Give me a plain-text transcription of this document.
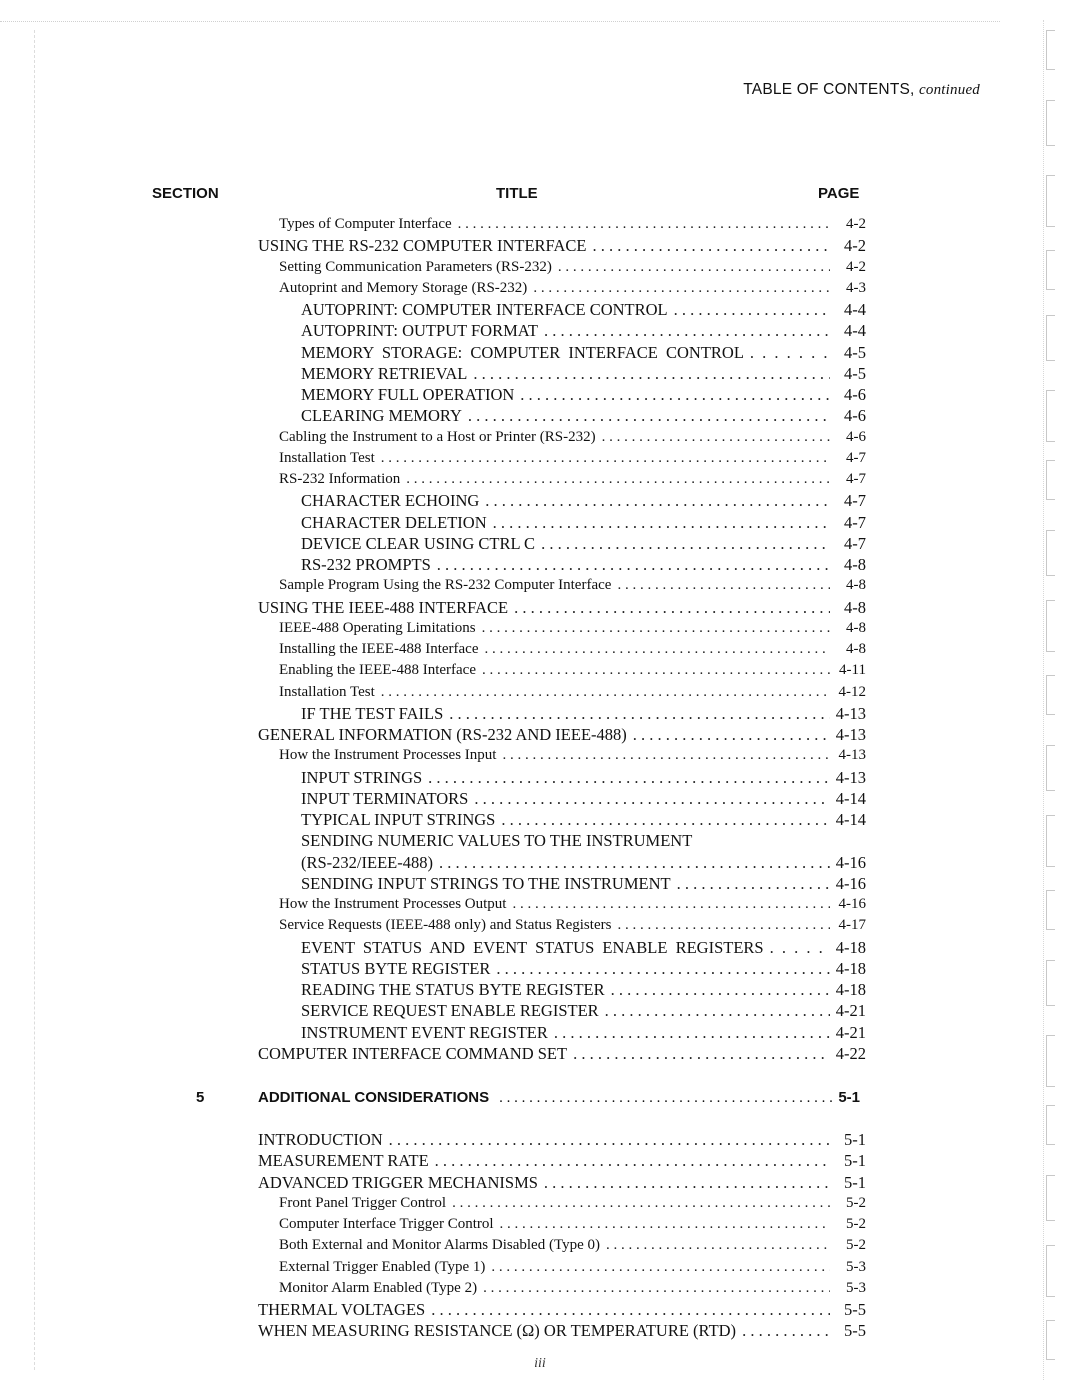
TABLE OF CONTENTS, continued
SECTION	TITLE	PAGE
Types of Computer Interface . . .	4-2
USING THE RS-232 COMPUTER INTERFACE . . .	4-2
Setting Communication Parameters (RS-232) . . .	4-2
Autoprint and Memory Storage (RS-232) . . .	4-3
AUTOPRINT: COMPUTER INTERFACE CONTROL . . .	4-4
AUTOPRINT: OUTPUT FORMAT . . .	4-4
MEMORY STORAGE: COMPUTER INTERFACE CONTROL . . .	4-5
MEMORY RETRIEVAL . . .	4-5
MEMORY FULL OPERATION . . .	4-6
CLEARING MEMORY . . .	4-6
Cabling the Instrument to a Host or Printer (RS-232) . . .	4-6
Installation Test . . .	4-7
RS-232 Information . . .	4-7
CHARACTER ECHOING . . .	4-7
CHARACTER DELETION . . .	4-7
DEVICE CLEAR USING CTRL C . . .	4-7
RS-232 PROMPTS . . .	4-8
Sample Program Using the RS-232 Computer Interface . . .	4-8
USING THE IEEE-488 INTERFACE . . .	4-8
IEEE-488 Operating Limitations . . .	4-8
Installing the IEEE-488 Interface . . .	4-8
Enabling the IEEE-488 Interface . . .	4-11
Installation Test . . .	4-12
IF THE TEST FAILS . . .	4-13
GENERAL INFORMATION (RS-232 AND IEEE-488) . . .	4-13
How the Instrument Processes Input . . .	4-13
INPUT STRINGS . . .	4-13
INPUT TERMINATORS . . .	4-14
TYPICAL INPUT STRINGS . . .	4-14
SENDING NUMERIC VALUES TO THE INSTRUMENT
(RS-232/IEEE-488) . . .	4-16
SENDING INPUT STRINGS TO THE INSTRUMENT . . .	4-16
How the Instrument Processes Output . . .	4-16
Service Requests (IEEE-488 only) and Status Registers . . .	4-17
EVENT STATUS AND EVENT STATUS ENABLE REGISTERS . . .	4-18
STATUS BYTE REGISTER . . .	4-18
READING THE STATUS BYTE REGISTER . . .	4-18
SERVICE REQUEST ENABLE REGISTER . . .	4-21
INSTRUMENT EVENT REGISTER . . .	4-21
COMPUTER INTERFACE COMMAND SET . . .	4-22
5	ADDITIONAL CONSIDERATIONS . . .	5-1
INTRODUCTION . . .	5-1
MEASUREMENT RATE . . .	5-1
ADVANCED TRIGGER MECHANISMS . . .	5-1
Front Panel Trigger Control . . .	5-2
Computer Interface Trigger Control . . .	5-2
Both External and Monitor Alarms Disabled (Type 0) . . .	5-2
External Trigger Enabled (Type 1) . . .	5-3
Monitor Alarm Enabled (Type 2) . . .	5-3
THERMAL VOLTAGES . . .	5-5
WHEN MEASURING RESISTANCE (Ω) OR TEMPERATURE (RTD) . . .	5-5
iii
